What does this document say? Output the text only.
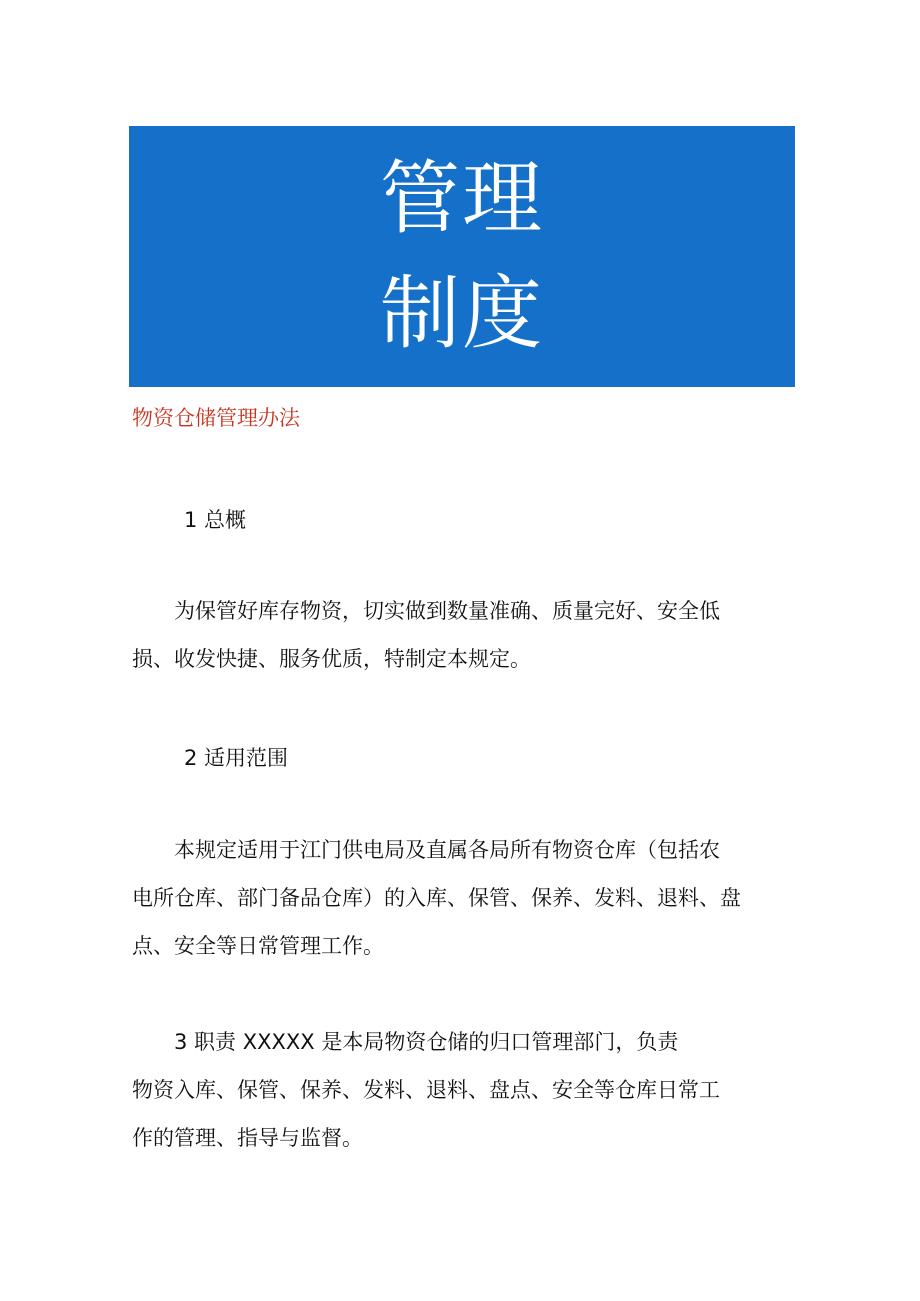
管理
制度
物资仓储管理办法
1 总概
　　为保管好库存物资，切实做到数量准确、质量完好、安全低
损、收发快捷、服务优质，特制定本规定。
2 适用范围
　　本规定适用于江门供电局及直属各局所有物资仓库（包括农
电所仓库、部门备品仓库）的入库、保管、保养、发料、退料、盘
点、安全等日常管理工作。
　　3 职责 XXXXX 是本局物资仓储的归口管理部门，负责
物资入库、保管、保养、发料、退料、盘点、安全等仓库日常工
作的管理、指导与监督。
